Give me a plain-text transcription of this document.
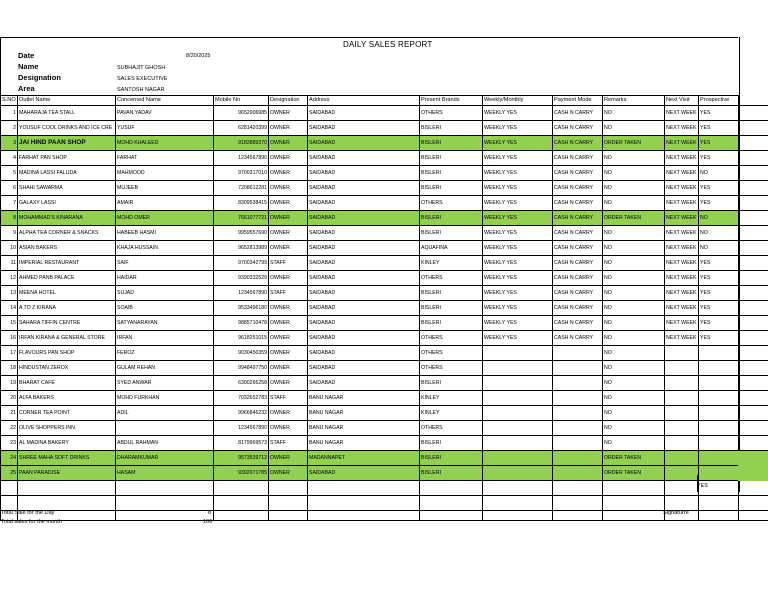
DAILY SALES REPORT
Date	8/20/2025
Name	SUBHAJIT GHOSH
Designation	SALES EXECUTIVE
Area	SANTOSH NAGAR
S.NO	Outlet Name	Concerned Name	Mobile No	Designation	Address	Present Brands	Weekly/Monthly	Payment Mode	Remarks	Next Visit	Prospective
1	MAHARAJA TEA STALL	PAVAN YADAV	9652906985	OWNER	SAIDABAD	OTHERS	WEEKLY YES	CASH N CARRY	NO	NEXT WEEK	YES
2	YOUSUF COOL DRINKS AND ICE CRE	YUSUF	6281420399	OWNER	SAIDABAD	BISLERI	WEEKLY YES	CASH N CARRY	NO	NEXT WEEK	YES
3	JAI HIND PAAN SHOP	MOHD KHALEED	9182889370	OWNER	SAIDABAD	BISLERI	WEEKLY YES	CASH N CARRY	ORDER TAKEN	NEXT WEEK	YES
4	FARHAT PAN SHOP	FARHAT	1234567890	OWNER	SAIDABAD	BISLERI	WEEKLY YES	CASH N CARRY	NO	NEXT WEEK	YES
5	MADINA LASSI FALUDA	MAHMOOD	9700317010	OWNER	SAIDABAD	BISLERI	WEEKLY YES	CASH N CARRY	NO	NEXT WEEK	NO
6	SHAHI SAWARMA	MUJEEB	7208612281	OWNER	SAIDABAD	BISLERI	WEEKLY YES	CASH N CARRY	NO	NEXT WEEK	YES
7	GALAXY LASSI	AMAIR	8309538415	OWNER	SAIDABAD	OTHERS	WEEKLY YES	CASH N CARRY	NO	NEXT WEEK	YES
8	MOHAMMAD'S KINARANA	MOHD OMER	7661077721	OWNER	SAIDABAD	BISLERI	WEEKLY YES	CASH N CARRY	ORDER TAKEN	NEXT WEEK	NO
9	ALPHA TEA CORNER & SNACKS	HABEEB HASMI	9959557690	OWNER	SAIDABAD	BISLERI	WEEKLY YES	CASH N CARRY	NO	NEXT WEEK	NO
10	ASIAN BAKERS	KHAJA HUSSAIN	9652813989	OWNER	SAIDABAD	AQUAFINA	WEEKLY YES	CASH N CARRY	NO	NEXT WEEK	NO
11	IMPERIAL RESTAURANT	SAIF	9700342799	STAFF	SAIDABAD	KINLEY	WEEKLY YES	CASH N CARRY	NO	NEXT WEEK	YES
12	AHMED PANB PALACE	HAIDAR	9390332529	OWNER	SAIDABAD	OTHERS	WEEKLY YES	CASH N CARRY	NO	NEXT WEEK	YES
13	MEENA HOTEL	SUJAD	1234567890	STAFF	SAIDABAD	BISLERI	WEEKLY YES	CASH N CARRY	NO	NEXT WEEK	YES
14	A TO Z KIRANA	SOAIB	9533496180	OWNER	SAIDABAD	BISLERI	WEEKLY YES	CASH N CARRY	NO	NEXT WEEK	YES
15	SAHARA TIFFIN CENTRE	SATYANARAYAN	9885710478	OWNER	SAIDABAD	BISLERI	WEEKLY YES	CASH N CARRY	NO	NEXT WEEK	YES
16	IRFAN KIRANA & GENERAL STORE	IRFAN	9618251015	OWNER	SAIDABAD	OTHERS	WEEKLY YES	CASH N CARRY	NO	NEXT WEEK	YES
17	FLAVOURS PAN SHOP	FEROZ	9030450359	OWNER	SAIDABAD	OTHERS			NO		
18	HINDUSTAN ZEROX	GULAM REHAN	9948497750	OWNER	SAIDABAD	OTHERS			NO		
19	BHARAT CAFÉ	SYED ANWAR	6300266258	OWNER	SAIDABAD	BISLERI			NO		
20	ALFA BAKERS	MOHD FURKHAN	7032652783	STAFF	BANU NAGAR	KINLEY			NO		
21	CORNER TEA POINT	ADIL	9966846232	OWNER	BANU NAGAR	KINLEY			NO		
22	OLIVE SHOPPERS INN		1234567890	OWNER	BANU NAGAR	OTHERS			NO		
23	AL MADINA BAKERY	ABDUL RAHMAN	8179969573	STAFF	BANU NAGAR	BISLERI			NO		
24	SHREE MAHA SOFT DRINKS	DHARAMKUMAR	9573539712	OWNER	MADANNAPET	BISLERI			ORDER TAKEN		
25	PAAN PARADISE	HASAM	9392071785	OWNER	SAIDABAD	BISLERI			ORDER TAKEN		

YES
Total Sale for the Day	8
Total sales for the month	106
Signaturre
